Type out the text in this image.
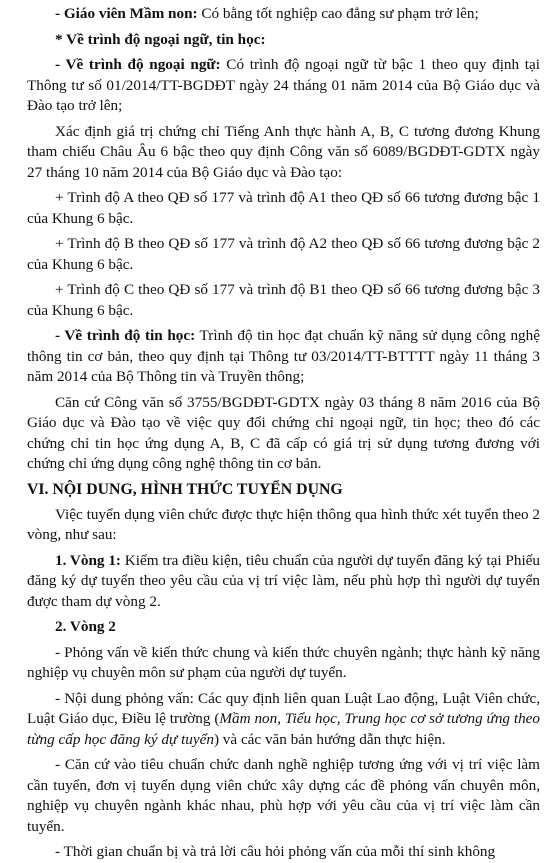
- Giáo viên Mầm non: Có bằng tốt nghiệp cao đẳng sư phạm trở lên;

* Về trình độ ngoại ngữ, tin học:

- Về trình độ ngoại ngữ: Có trình độ ngoại ngữ từ bậc 1 theo quy định tại Thông tư số 01/2014/TT-BGDĐT ngày 24 tháng 01 năm 2014 của Bộ Giáo dục và Đào tạo trở lên;

Xác định giá trị chứng chỉ Tiếng Anh thực hành A, B, C tương đương Khung tham chiếu Châu Âu 6 bậc theo quy định Công văn số 6089/BGDĐT-GDTX ngày 27 tháng 10 năm 2014 của Bộ Giáo dục và Đào tạo:

+ Trình độ A theo QĐ số 177 và trình độ A1 theo QĐ số 66 tương đương bậc 1 của Khung 6 bậc.

+ Trình độ B theo QĐ số 177 và trình độ A2 theo QĐ số 66 tương đương bậc 2 của Khung 6 bậc.

+ Trình độ C theo QĐ số 177 và trình độ B1 theo QĐ số 66 tương đương bậc 3 của Khung 6 bậc.

- Về trình độ tin học: Trình độ tin học đạt chuẩn kỹ năng sử dụng công nghệ thông tin cơ bản, theo quy định tại Thông tư 03/2014/TT-BTTTT ngày 11 tháng 3 năm 2014 của Bộ Thông tin và Truyền thông;

Căn cứ Công văn số 3755/BGDĐT-GDTX ngày 03 tháng 8 năm 2016 của Bộ Giáo dục và Đào tạo về việc quy đổi chứng chỉ ngoại ngữ, tin học; theo đó các chứng chỉ tin học ứng dụng A, B, C đã cấp có giá trị sử dụng tương đương với chứng chỉ ứng dụng công nghệ thông tin cơ bản.

VI. NỘI DUNG, HÌNH THỨC TUYỂN DỤNG

Việc tuyển dụng viên chức được thực hiện thông qua hình thức xét tuyển theo 2 vòng, như sau:

1. Vòng 1: Kiểm tra điều kiện, tiêu chuẩn của người dự tuyển đăng ký tại Phiếu đăng ký dự tuyển theo yêu cầu của vị trí việc làm, nếu phù hợp thì người dự tuyển được tham dự vòng 2.

2. Vòng 2

- Phỏng vấn về kiến thức chung và kiến thức chuyên ngành; thực hành kỹ năng nghiệp vụ chuyên môn sư phạm của người dự tuyển.

- Nội dung phỏng vấn: Các quy định liên quan Luật Lao động, Luật Viên chức, Luật Giáo dục, Điều lệ trường (Mầm non, Tiểu học, Trung học cơ sở tương ứng theo từng cấp học đăng ký dự tuyển) và các văn bản hướng dẫn thực hiện.

- Căn cứ vào tiêu chuẩn chức danh nghề nghiệp tương ứng với vị trí việc làm cần tuyển, đơn vị tuyển dụng viên chức xây dựng các đề phỏng vấn chuyên môn, nghiệp vụ chuyên ngành khác nhau, phù hợp với yêu cầu của vị trí việc làm cần tuyển.

- Thời gian chuẩn bị và trả lời câu hỏi phỏng vấn của mỗi thí sinh không
